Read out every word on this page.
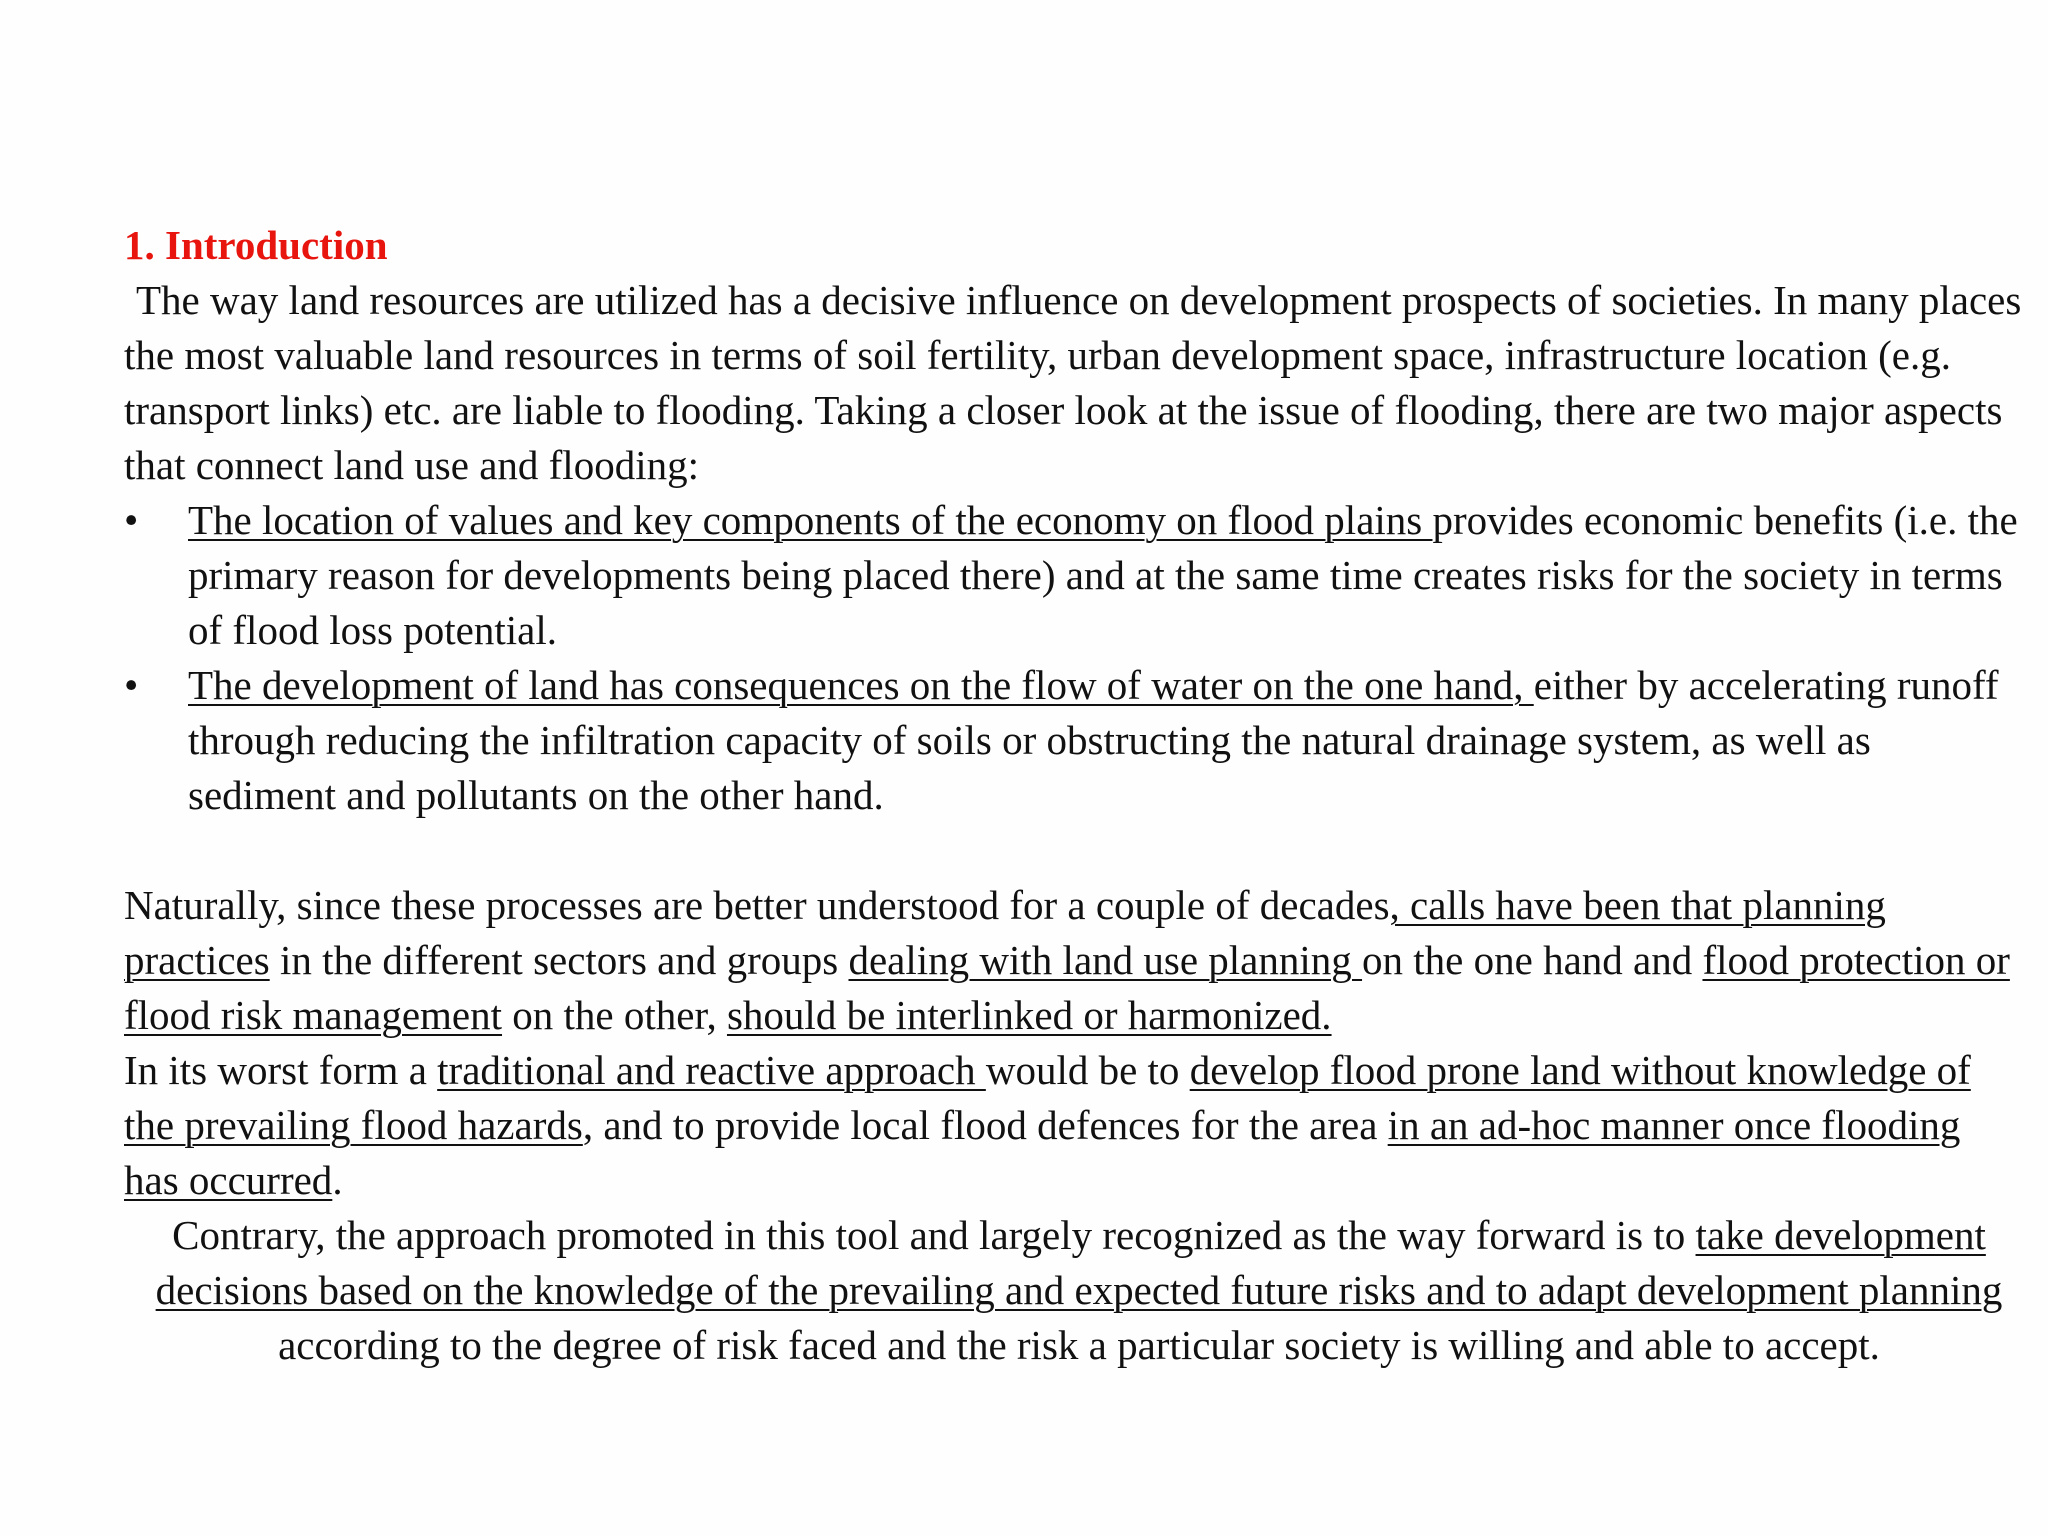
1. Introduction

The way land resources are utilized has a decisive influence on development prospects of societies. In many places the most valuable land resources in terms of soil fertility, urban development space, infrastructure location (e.g. transport links) etc. are liable to flooding. Taking a closer look at the issue of flooding, there are two major aspects that connect land use and flooding:

•	The location of values and key components of the economy on flood plains provides economic benefits (i.e. the primary reason for developments being placed there) and at the same time creates risks for the society in terms of flood loss potential.
•	The development of land has consequences on the flow of water on the one hand, either by accelerating runoff through reducing the infiltration capacity of soils or obstructing the natural drainage system, as well as sediment and pollutants on the other hand.

Naturally, since these processes are better understood for a couple of decades, calls have been that planning practices in the different sectors and groups dealing with land use planning on the one hand and flood protection or flood risk management on the other, should be interlinked or harmonized.

In its worst form a traditional and reactive approach would be to develop flood prone land without knowledge of the prevailing flood hazards, and to provide local flood defences for the area in an ad-hoc manner once flooding has occurred.

Contrary, the approach promoted in this tool and largely recognized as the way forward is to take development decisions based on the knowledge of the prevailing and expected future risks and to adapt development planning according to the degree of risk faced and the risk a particular society is willing and able to accept.
